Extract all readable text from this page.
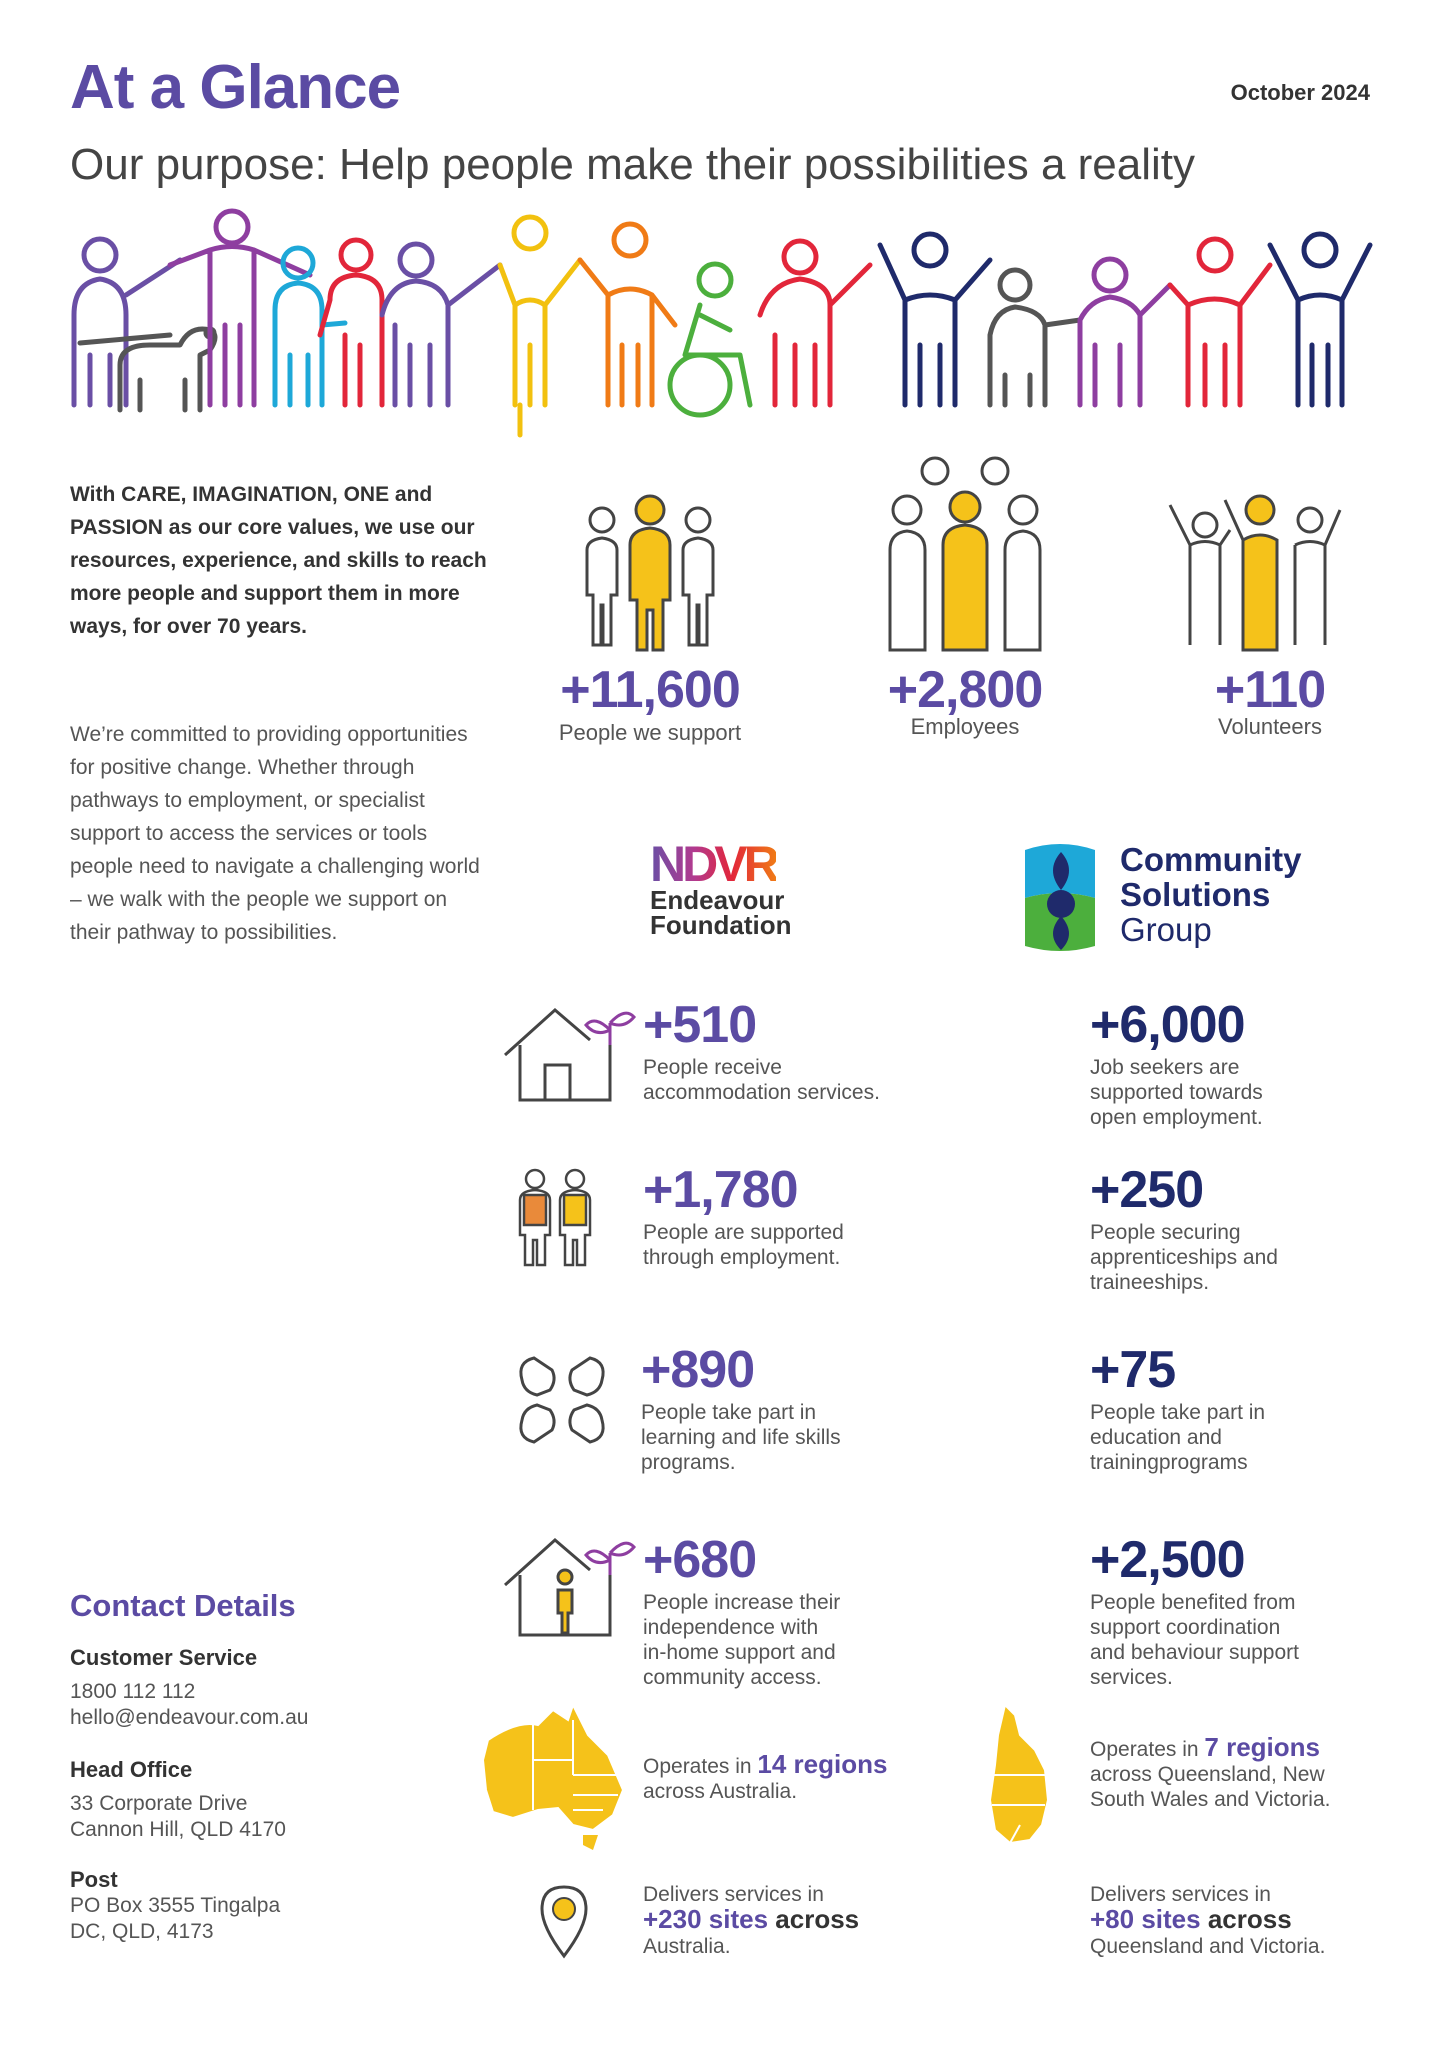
At a Glance	October 2024
Our purpose: Help people make their possibilities a reality
With CARE, IMAGINATION, ONE and PASSION as our core values, we use our resources, experience, and skills to reach more people and support them in more ways, for over 70 years.
We’re committed to providing opportunities for positive change. Whether through pathways to employment, or specialist support to access the services or tools people need to navigate a challenging world – we walk with the people we support on their pathway to possibilities.
+11,600
People we support
+2,800
Employees
+110
Volunteers
NDVR
Endeavour
Foundation
Community
Solutions
Group
+510
People receive
accommodation services.
+1,780
People are supported
through employment.
+890
People take part in
learning and life skills
programs.
+680
People increase their
independence with
in-home support and
community access.
+6,000
Job seekers are
supported towards
open employment.
+250
People securing
apprenticeships and
traineeships.
+75
People take part in
education and
trainingprograms
+2,500
People benefited from
support coordination
and behaviour support
services.
Operates in 14 regions
across Australia.
Operates in 7 regions
across Queensland, New
South Wales and Victoria.
Delivers services in
+230 sites across
Australia.
Delivers services in
+80 sites across
Queensland and Victoria.
Contact Details
Customer Service
1800 112 112
hello@endeavour.com.au
Head Office
33 Corporate Drive
Cannon Hill, QLD 4170
Post
PO Box 3555 Tingalpa
DC, QLD, 4173
